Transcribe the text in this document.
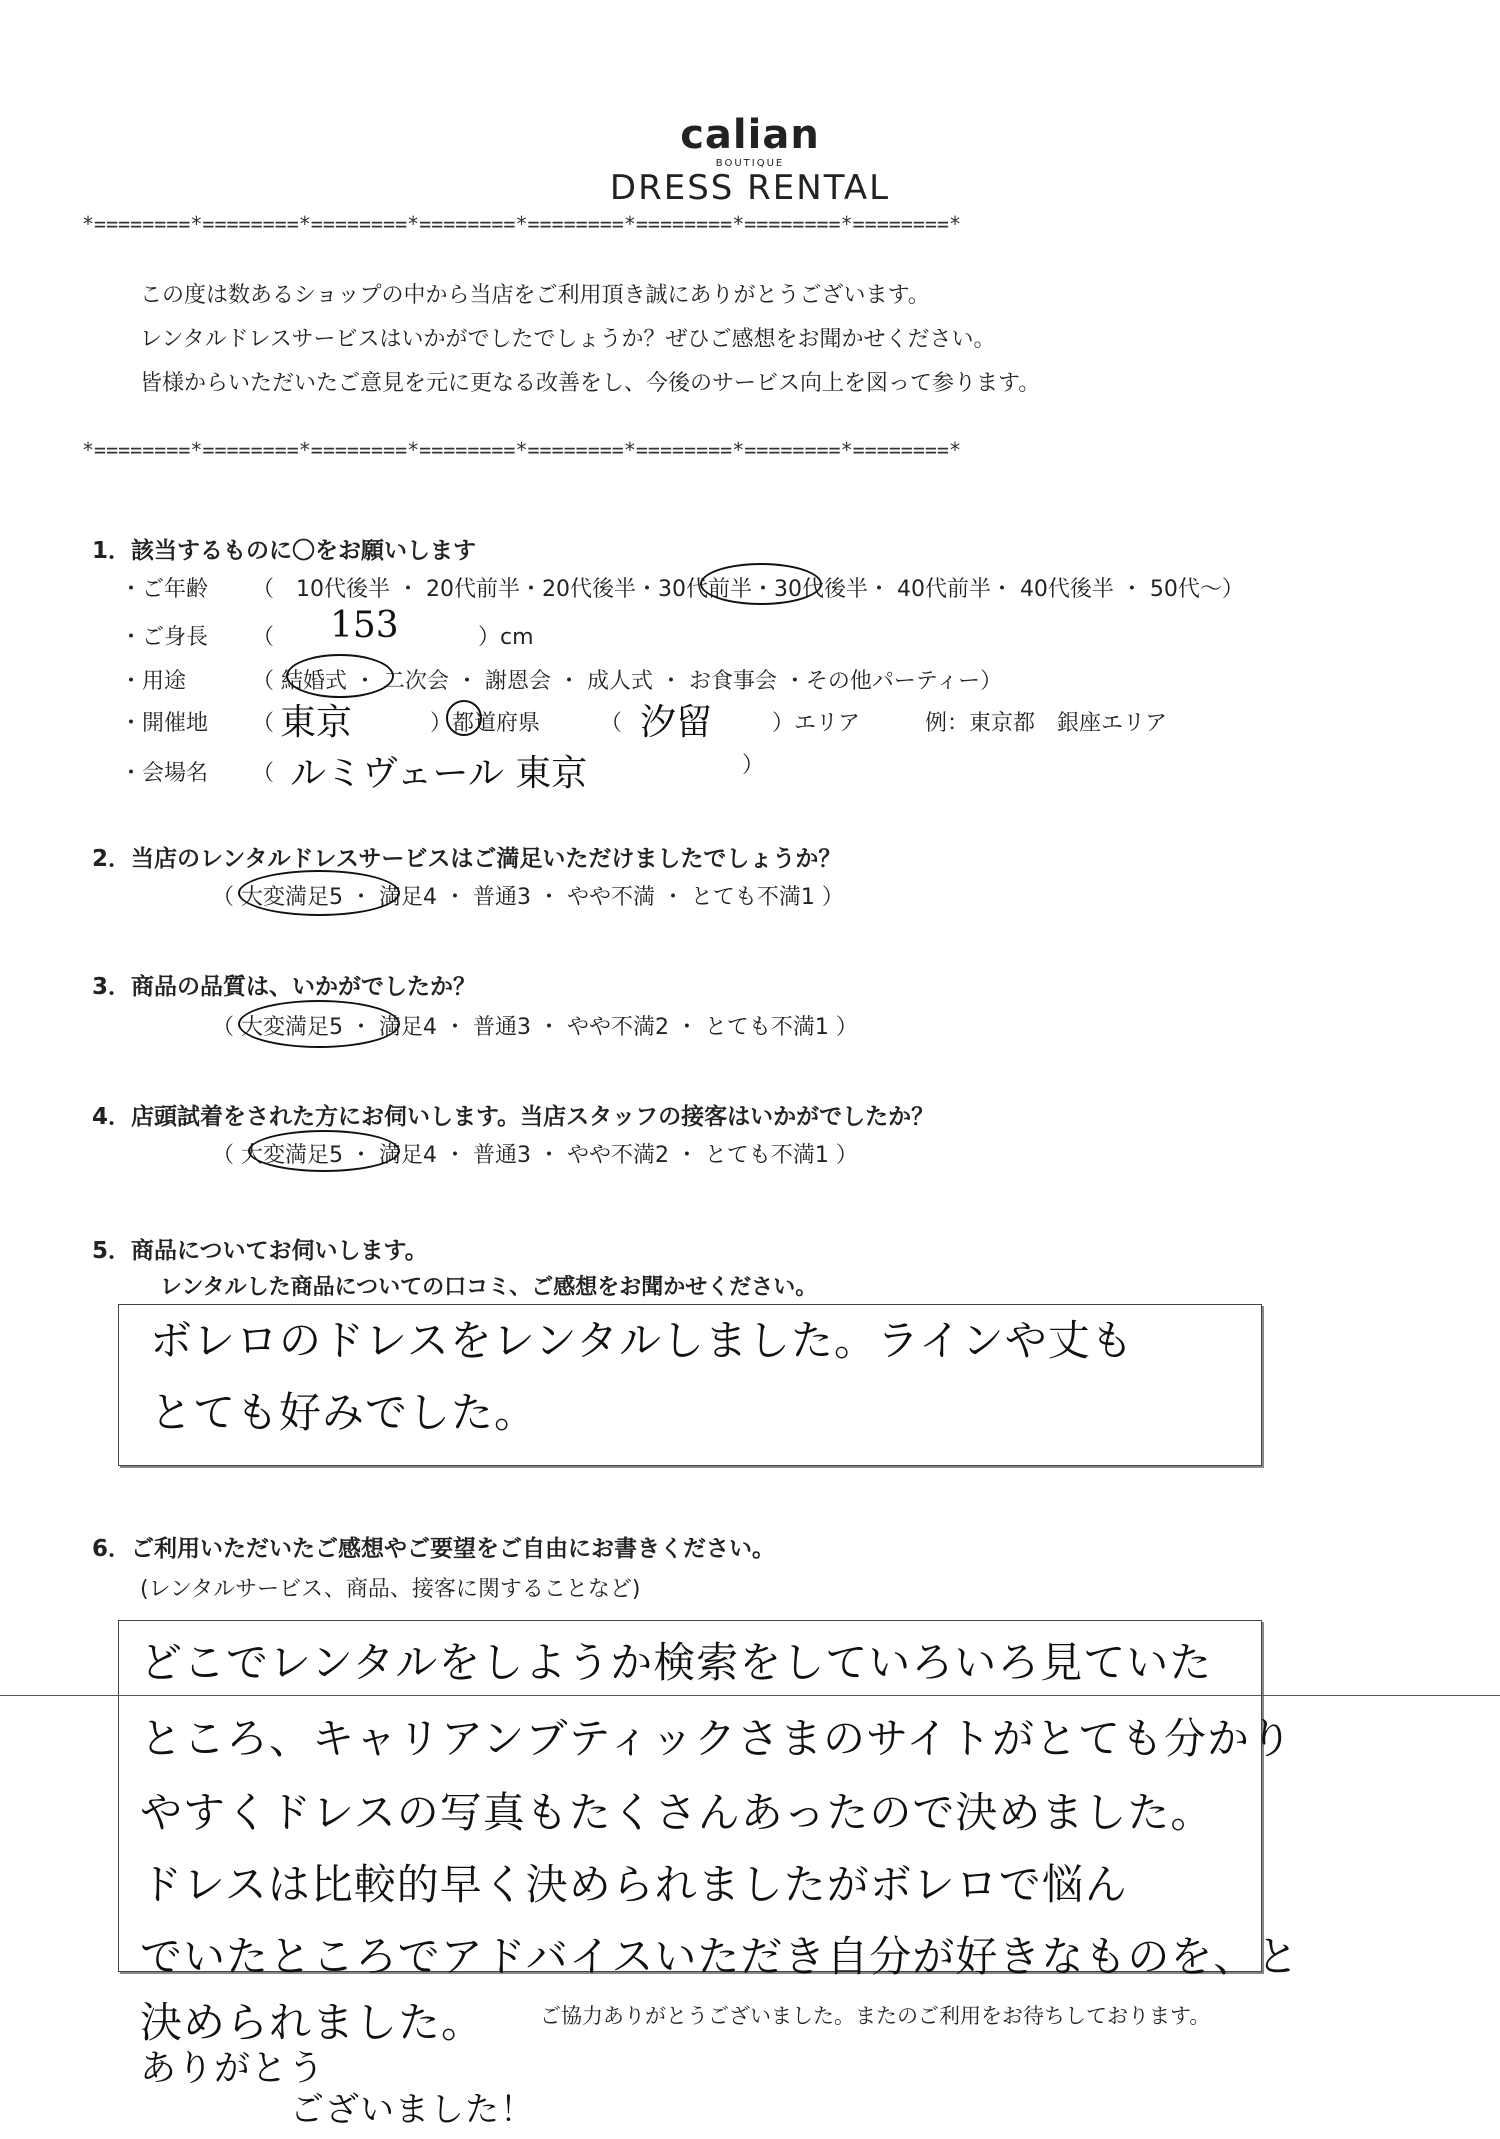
calian
BOUTIQUE
DRESS RENTAL
*========*========*========*========*========*========*========*========*
この度は数あるショップの中から当店をご利用頂き誠にありがとうございます。
レンタルドレスサービスはいかがでしたでしょうか？ぜひご感想をお聞かせください。
皆様からいただいたご意見を元に更なる改善をし、今後のサービス向上を図って参ります。
*========*========*========*========*========*========*========*========*
1．該当するものに〇をお願いします
・ご年齢 （　10代後半 ・ 20代前半・20代後半・30代前半・30代後半・ 40代前半・ 40代後半 ・ 50代～）
・ご身長 （ 153	）cm
・用途	（ 結婚式 ・ 二次会 ・ 謝恩会 ・ 成人式 ・ お食事会 ・その他パーティー）
・開催地 （ 東京	）都道府県	（ 汐留	）エリア	例：東京都　銀座エリア
・会場名 （ ルミヴェール 東京	）
2．当店のレンタルドレスサービスはご満足いただけましたでしょうか？
（ 大変満足5 ・ 満足4 ・ 普通3 ・ やや不満 ・ とても不満1 ）
3．商品の品質は、いかがでしたか？
（ 大変満足5 ・ 満足4 ・ 普通3 ・ やや不満2 ・ とても不満1 ）
4．店頭試着をされた方にお伺いします。当店スタッフの接客はいかがでしたか？
（ 大変満足5 ・ 満足4 ・ 普通3 ・ やや不満2 ・ とても不満1 ）
5．商品についてお伺いします。
レンタルした商品についての口コミ、ご感想をお聞かせください。
ボレロのドレスをレンタルしました。ラインや丈も
とても好みでした。
6．ご利用いただいたご感想やご要望をご自由にお書きください。
(レンタルサービス、商品、接客に関することなど)
どこでレンタルをしようか検索をしていろいろ見ていた
ところ、キャリアンブティックさまのサイトがとても分かり
やすくドレスの写真もたくさんあったので決めました。
ドレスは比較的早く決められましたがボレロで悩ん
でいたところでアドバイスいただき自分が好きなものを、と
決められました。
ありがとう
ございました！
ご協力ありがとうございました。またのご利用をお待ちしております。
